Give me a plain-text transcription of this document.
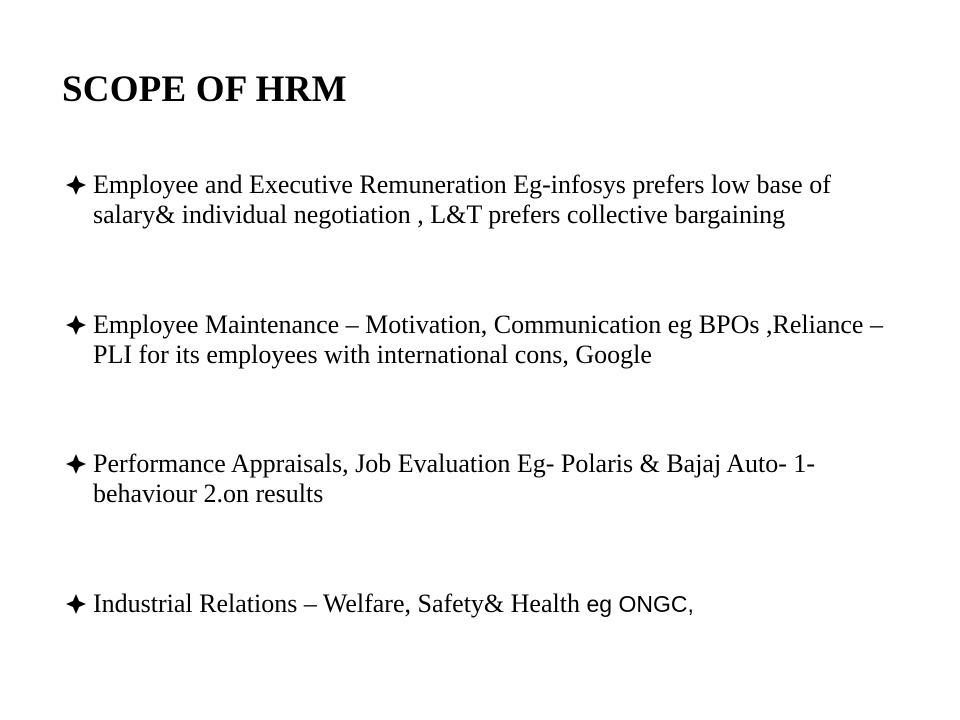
SCOPE OF HRM
Employee and Executive Remuneration Eg-infosys prefers low base of salary& individual negotiation , L&T prefers collective bargaining
Employee Maintenance – Motivation, Communication eg BPOs ,Reliance – PLI for its employees with international cons, Google
Performance Appraisals, Job Evaluation Eg- Polaris & Bajaj Auto- 1-behaviour 2.on results
Industrial Relations – Welfare, Safety& Health eg ONGC,
